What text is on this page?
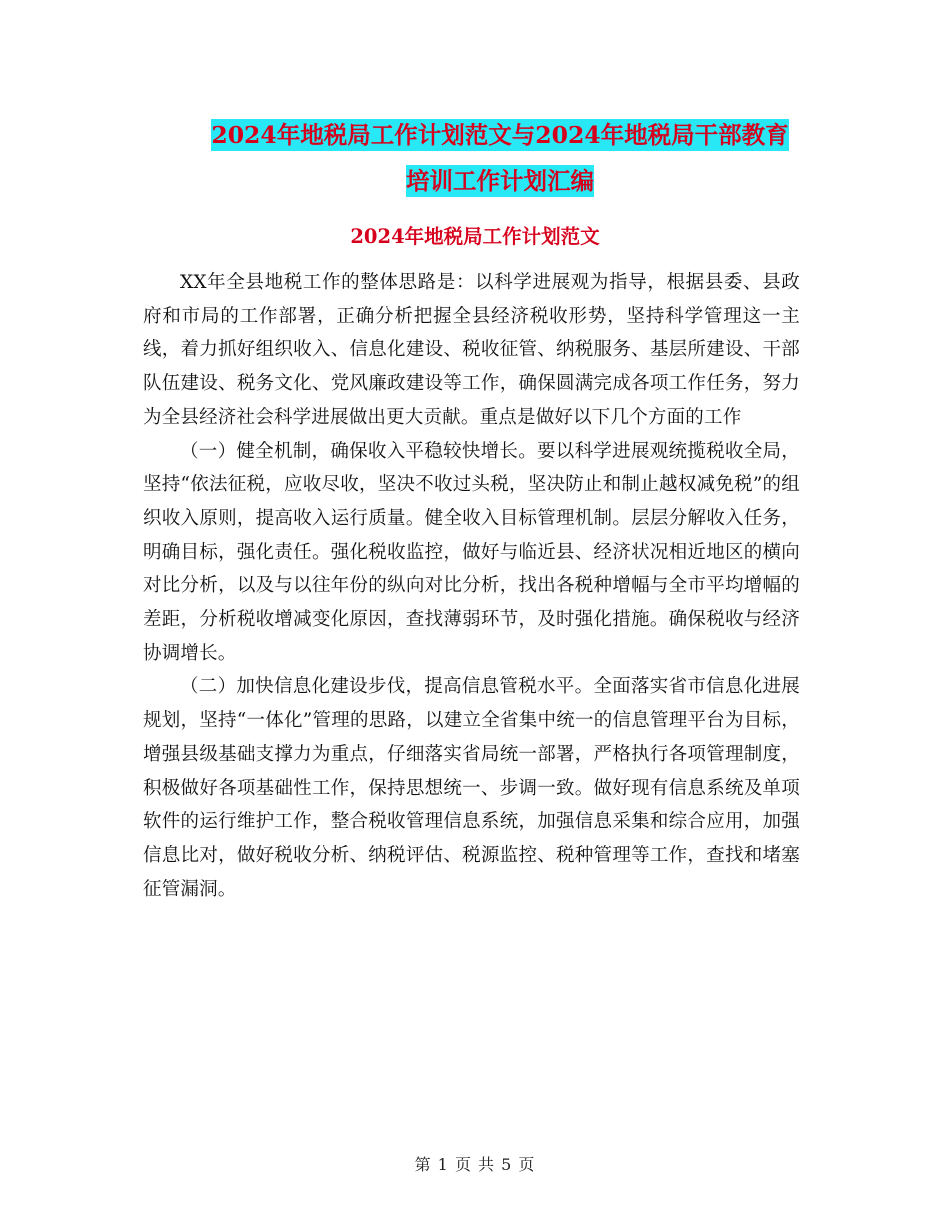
2024年地税局工作计划范文与2024年地税局干部教育
培训工作计划汇编
2024年地税局工作计划范文

XX年全县地税工作的整体思路是：以科学进展观为指导，根据县委、县政府和市局的工作部署，正确分析把握全县经济税收形势，坚持科学管理这一主线，着力抓好组织收入、信息化建设、税收征管、纳税服务、基层所建设、干部队伍建设、税务文化、党风廉政建设等工作，确保圆满完成各项工作任务，努力为全县经济社会科学进展做出更大贡献。重点是做好以下几个方面的工作

（一）健全机制，确保收入平稳较快增长。要以科学进展观统揽税收全局，坚持“依法征税，应收尽收，坚决不收过头税，坚决防止和制止越权减免税”的组织收入原则，提高收入运行质量。健全收入目标管理机制。层层分解收入任务，明确目标，强化责任。强化税收监控，做好与临近县、经济状况相近地区的横向对比分析，以及与以往年份的纵向对比分析，找出各税种增幅与全市平均增幅的差距，分析税收增减变化原因，查找薄弱环节，及时强化措施。确保税收与经济协调增长。

（二）加快信息化建设步伐，提高信息管税水平。全面落实省市信息化进展规划，坚持“一体化”管理的思路，以建立全省集中统一的信息管理平台为目标，增强县级基础支撑力为重点，仔细落实省局统一部署，严格执行各项管理制度，积极做好各项基础性工作，保持思想统一、步调一致。做好现有信息系统及单项软件的运行维护工作，整合税收管理信息系统，加强信息采集和综合应用，加强信息比对，做好税收分析、纳税评估、税源监控、税种管理等工作，查找和堵塞征管漏洞。

第 1 页 共 5 页
